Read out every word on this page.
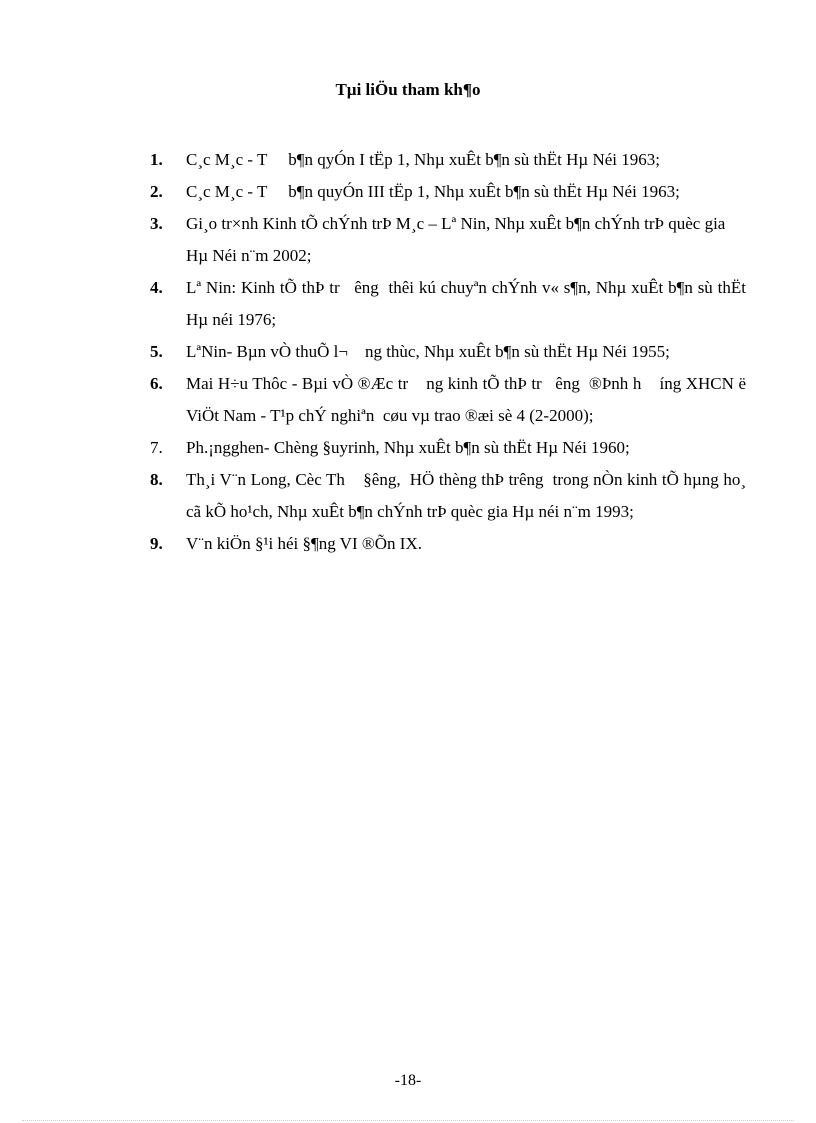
Tµi liÖu tham kh¶o
1.	C¸c M¸c - T     b¶n qyÓn I tËp 1, Nhµ xuÊt b¶n sù thËt Hµ Néi 1963;
2.	C¸c M¸c - T     b¶n quyÓn III tËp 1, Nhµ xuÊt b¶n sù thËt Hµ Néi 1963;
3.	Gi¸o tr×nh Kinh tÕ chÝnh trÞ M¸c – Lª Nin, Nhµ xuÊt b¶n chÝnh trÞ quèc gia Hµ Néi n¨m 2002;
4.	Lª Nin: Kinh tÕ thÞ tr   êng  thêi kú chuyªn chÝnh v« s¶n, Nhµ xuÊt b¶n sù thËt Hµ néi 1976;
5.	LªNin- Bµn vÒ thuÕ l¬    ng thùc, Nhµ xuÊt b¶n sù thËt Hµ Néi 1955;
6.	Mai H÷u Thôc - Bµi vÒ ®Æc tr    ng kinh tÕ thÞ tr   êng  ®Þnh h    íng XHCN ë ViÖt Nam - T¹p chÝ nghiªn  cøu vµ trao ®æi sè 4 (2-2000);
7.	Ph.¡ngghen- Chèng §uyrinh, Nhµ xuÊt b¶n sù thËt Hµ Néi 1960;
8.	Th¸i V¨n Long, Cèc Th    §êng,  HÖ thèng thÞ trêng  trong nÒn kinh tÕ hµng ho¸ cã kÕ ho¹ch, Nhµ xuÊt b¶n chÝnh trÞ quèc gia Hµ néi n¨m 1993;
9.	V¨n kiÖn §¹i héi §¶ng VI ®Õn IX.
-18-
